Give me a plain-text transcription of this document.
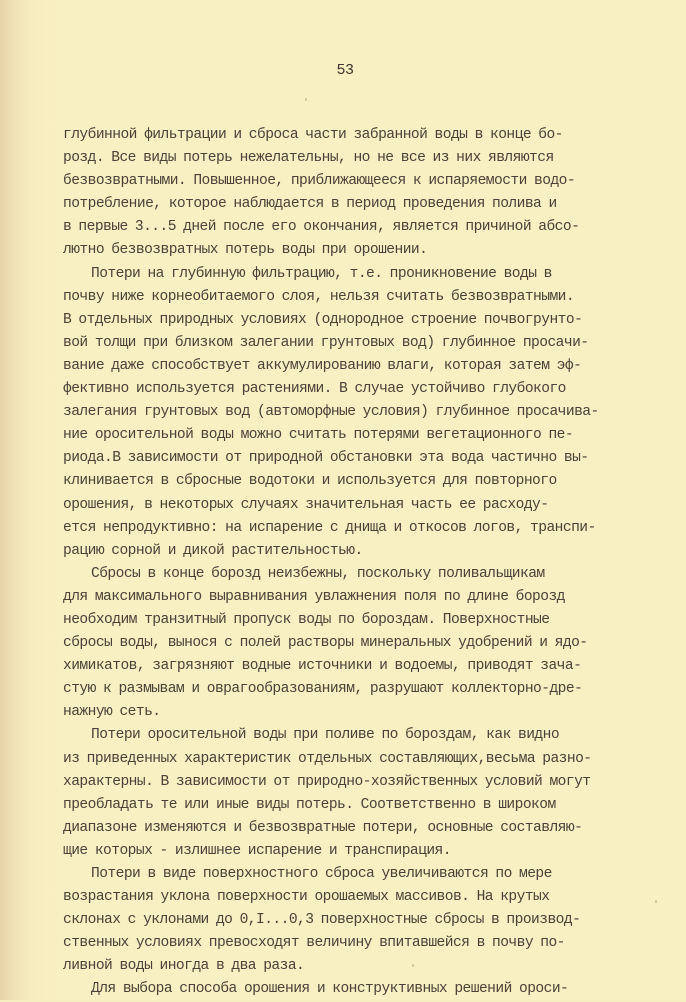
53
глубинной фильтрации и сброса части забранной воды в конце бо-
розд. Все виды потерь нежелательны, но не все из них являются
безвозвратными. Повышенное, приближающееся к испаряемости водо-
потребление, которое наблюдается в период проведения полива и
в первые 3...5 дней после его окончания, является причиной абсо-
лютно безвозвратных потерь воды при орошении.
Потери на глубинную фильтрацию, т.е. проникновение воды в
почву ниже корнеобитаемого слоя, нельзя считать безвозвратными.
В отдельных природных условиях (однородное строение почвогрунто-
вой толщи при близком залегании грунтовых вод) глубинное просачи-
вание даже способствует аккумулированию влаги, которая затем эф-
фективно используется растениями. В случае устойчиво глубокого
залегания грунтовых вод (автоморфные условия) глубинное просачива-
ние оросительной воды можно считать потерями вегетационного пе-
риода.В зависимости от природной обстановки эта вода частично вы-
клинивается в сбросные водотоки и используется для повторного
орошения, в некоторых случаях значительная часть ее расходу-
ется непродуктивно: на испарение с днища и откосов логов, транспи-
рацию сорной и дикой растительностью.
Сбросы в конце борозд неизбежны, поскольку поливальщикам
для максимального выравнивания увлажнения поля по длине борозд
необходим транзитный пропуск воды по бороздам. Поверхностные
сбросы воды, вынося с полей растворы минеральных удобрений и ядо-
химикатов, загрязняют водные источники и водоемы, приводят зача-
стую к размывам и оврагообразованиям, разрушают коллекторно-дре-
нажную сеть.
Потери оросительной воды при поливе по бороздам, как видно
из приведенных характеристик отдельных составляющих,весьма разно-
характерны. В зависимости от природно-хозяйственных условий могут
преобладать те или иные виды потерь. Соответственно в широком
диапазоне изменяются и безвозвратные потери, основные составляю-
щие которых - излишнее испарение и транспирация.
Потери в виде поверхностного сброса увеличиваются по мере
возрастания уклона поверхности орошаемых массивов. На крутых
склонах с уклонами до 0,I...0,3 поверхностные сбросы в производ-
ственных условиях превосходят величину впитавшейся в почву по-
ливной воды иногда в два раза.
Для выбора способа орошения и конструктивных решений ороси-
